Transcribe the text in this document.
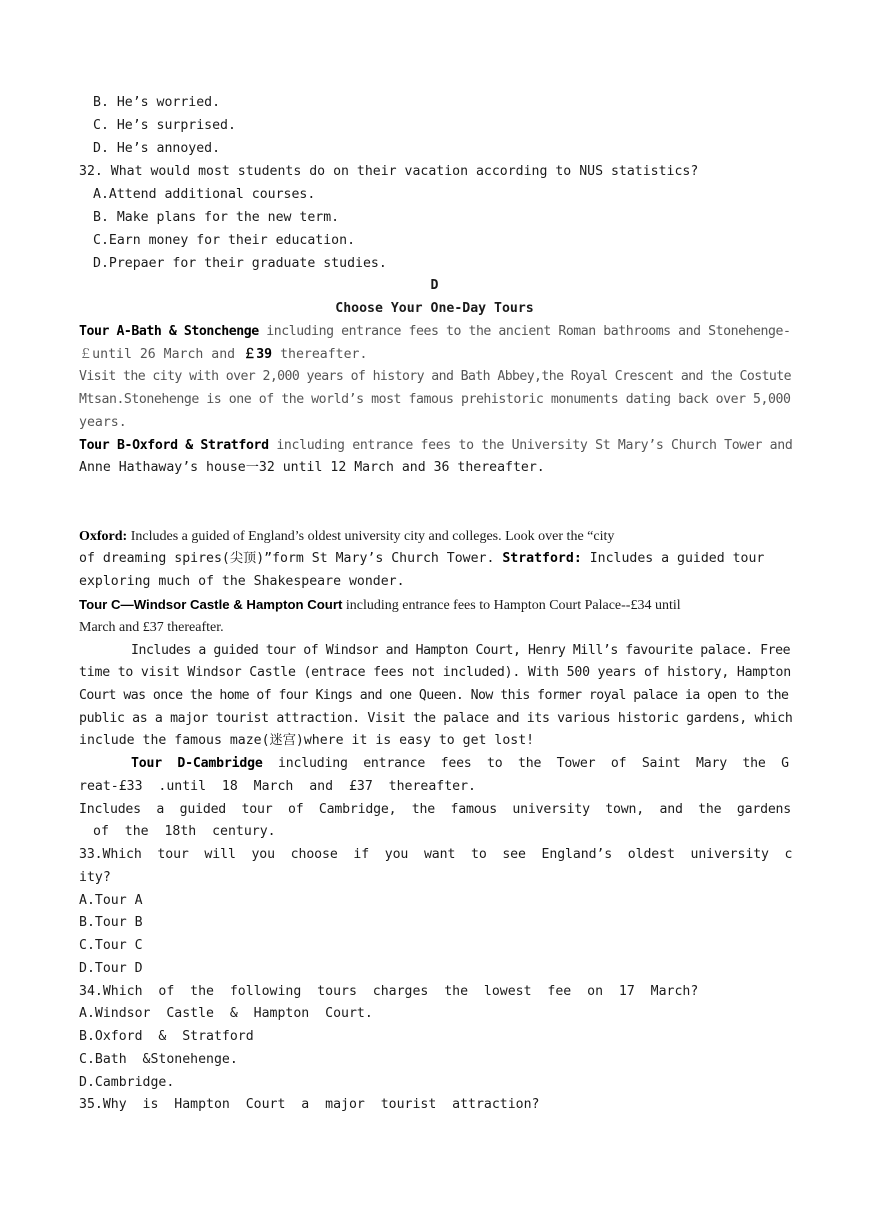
B. He’s worried.
C. He’s surprised.
D. He’s annoyed.
32. What would most students do on their vacation according to NUS statistics?
A.Attend additional courses.
B. Make plans for the new term.
C.Earn money for their education.
D.Prepaer for their graduate studies.
D
Choose Your One-Day Tours
Tour A-Bath & Stonchenge including entrance fees to the ancient Roman bathrooms and Stonehenge-
￡until 26 March and ￡39 thereafter.
Visit the city with over 2,000 years of history and Bath Abbey,the Royal Crescent and the Costute
Mtsan.Stonehenge is one of the world’s most famous prehistoric monuments dating back over 5,000
years.
Tour B-Oxford & Stratford including entrance fees to the University St Mary’s Church Tower and
Anne Hathaway’s house一32 until 12 March and 36 thereafter.
Oxford: Includes a guided of England’s oldest university city and colleges. Look over the “city
of dreaming spires(尖顶)”form St Mary’s Church Tower. Stratford: Includes a guided tour
exploring much of the Shakespeare wonder.
Tour C—Windsor Castle & Hampton Court including entrance fees to Hampton Court Palace--£34 until
March and £37 thereafter.
Includes a guided tour of Windsor and Hampton Court, Henry Mill’s favourite palace. Free
time to visit Windsor Castle (entrace fees not included). With 500 years of history, Hampton
Court was once the home of four Kings and one Queen. Now this former royal palace ia open to the
public as a major tourist attraction. Visit the palace and its various historic gardens, which
include the famous maze(迷宫)where it is easy to get lost!
Tour  D-Cambridge  including  entrance  fees  to  the  Tower  of  Saint  Mary  the  G
reat-£33  .until  18  March  and  £37  thereafter.
Includes  a  guided  tour  of  Cambridge,  the  famous  university  town,  and  the  gardens
of  the  18th  century.
33.Which  tour  will  you  choose  if  you  want  to  see  England’s  oldest  university  c
ity?
A.Tour A
B.Tour B
C.Tour C
D.Tour D
34.Which  of  the  following  tours  charges  the  lowest  fee  on  17  March?
A.Windsor  Castle  &  Hampton  Court.
B.Oxford  &  Stratford
C.Bath  &Stonehenge.
D.Cambridge.
35.Why  is  Hampton  Court  a  major  tourist  attraction?
